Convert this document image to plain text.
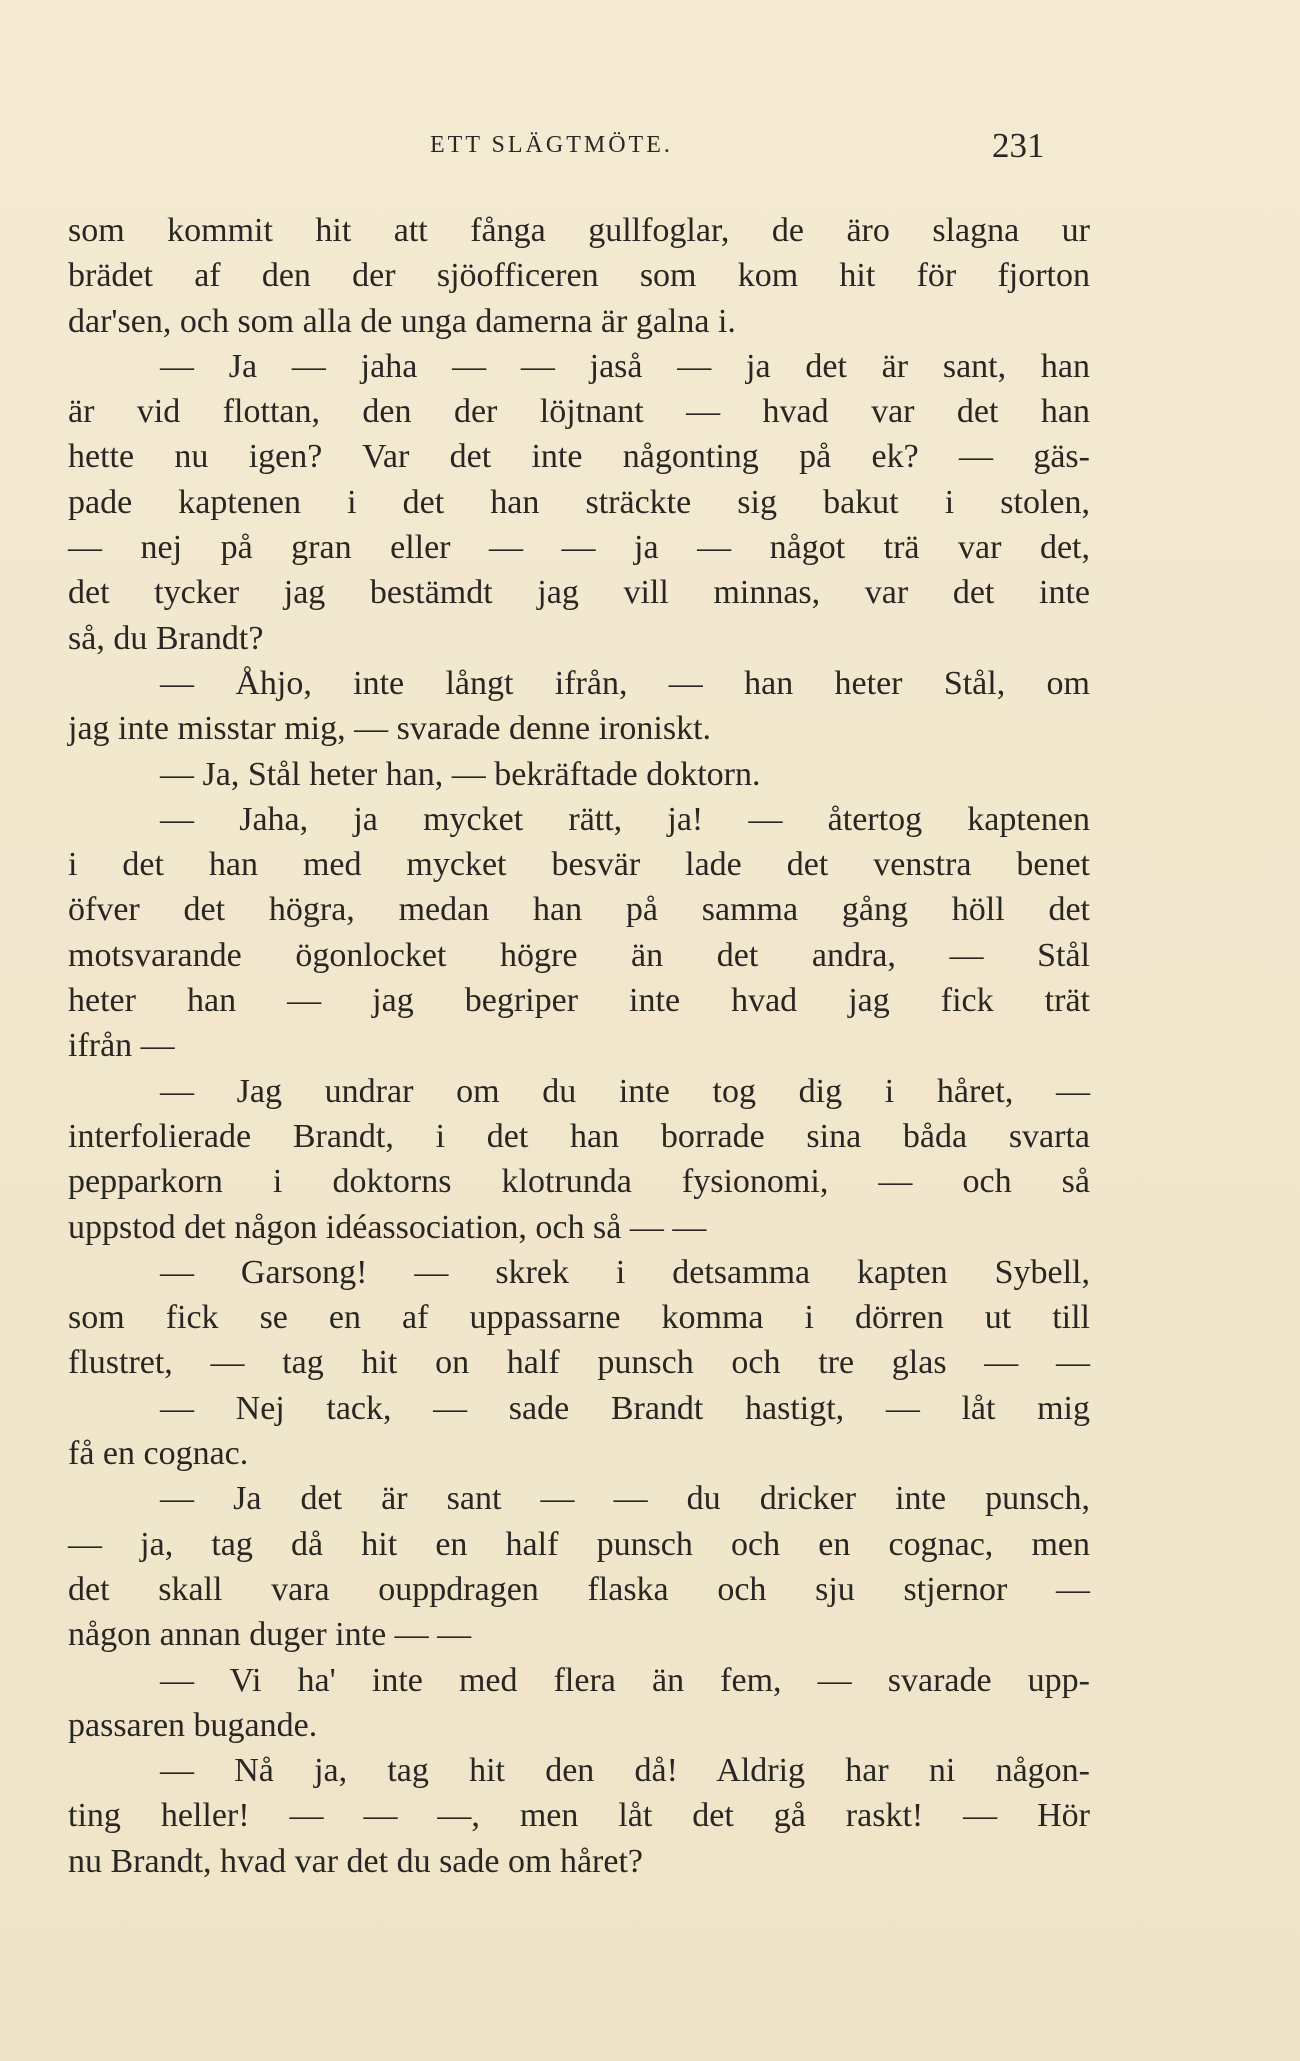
ETT SLÄGTMÖTE.	231
som kommit hit att fånga gullfoglar, de äro slagna ur
brädet af den der sjöofficeren som kom hit för fjorton
dar'sen, och som alla de unga damerna är galna i.
— Ja — jaha — — jaså — ja det är sant, han
är vid flottan, den der löjtnant — hvad var det han
hette nu igen? Var det inte någonting på ek? — gäs-
pade kaptenen i det han sträckte sig bakut i stolen,
— nej på gran eller — — ja — något trä var det,
det tycker jag bestämdt jag vill minnas, var det inte
så, du Brandt?
— Åhjo, inte långt ifrån, — han heter Stål, om
jag inte misstar mig, — svarade denne ironiskt.
— Ja, Stål heter han, — bekräftade doktorn.
— Jaha, ja mycket rätt, ja! — återtog kaptenen
i det han med mycket besvär lade det venstra benet
öfver det högra, medan han på samma gång höll det
motsvarande ögonlocket högre än det andra, — Stål
heter han — jag begriper inte hvad jag fick trät
ifrån —
— Jag undrar om du inte tog dig i håret, —
interfolierade Brandt, i det han borrade sina båda svarta
pepparkorn i doktorns klotrunda fysionomi, — och så
uppstod det någon idéassociation, och så — —
— Garsong! — skrek i detsamma kapten Sybell,
som fick se en af uppassarne komma i dörren ut till
flustret, — tag hit on half punsch och tre glas — —
— Nej tack, — sade Brandt hastigt, — låt mig
få en cognac.
— Ja det är sant — — du dricker inte punsch,
— ja, tag då hit en half punsch och en cognac, men
det skall vara ouppdragen flaska och sju stjernor —
någon annan duger inte — —
— Vi ha' inte med flera än fem, — svarade upp-
passaren bugande.
— Nå ja, tag hit den då! Aldrig har ni någon-
ting heller! — — —, men låt det gå raskt! — Hör
nu Brandt, hvad var det du sade om håret?
